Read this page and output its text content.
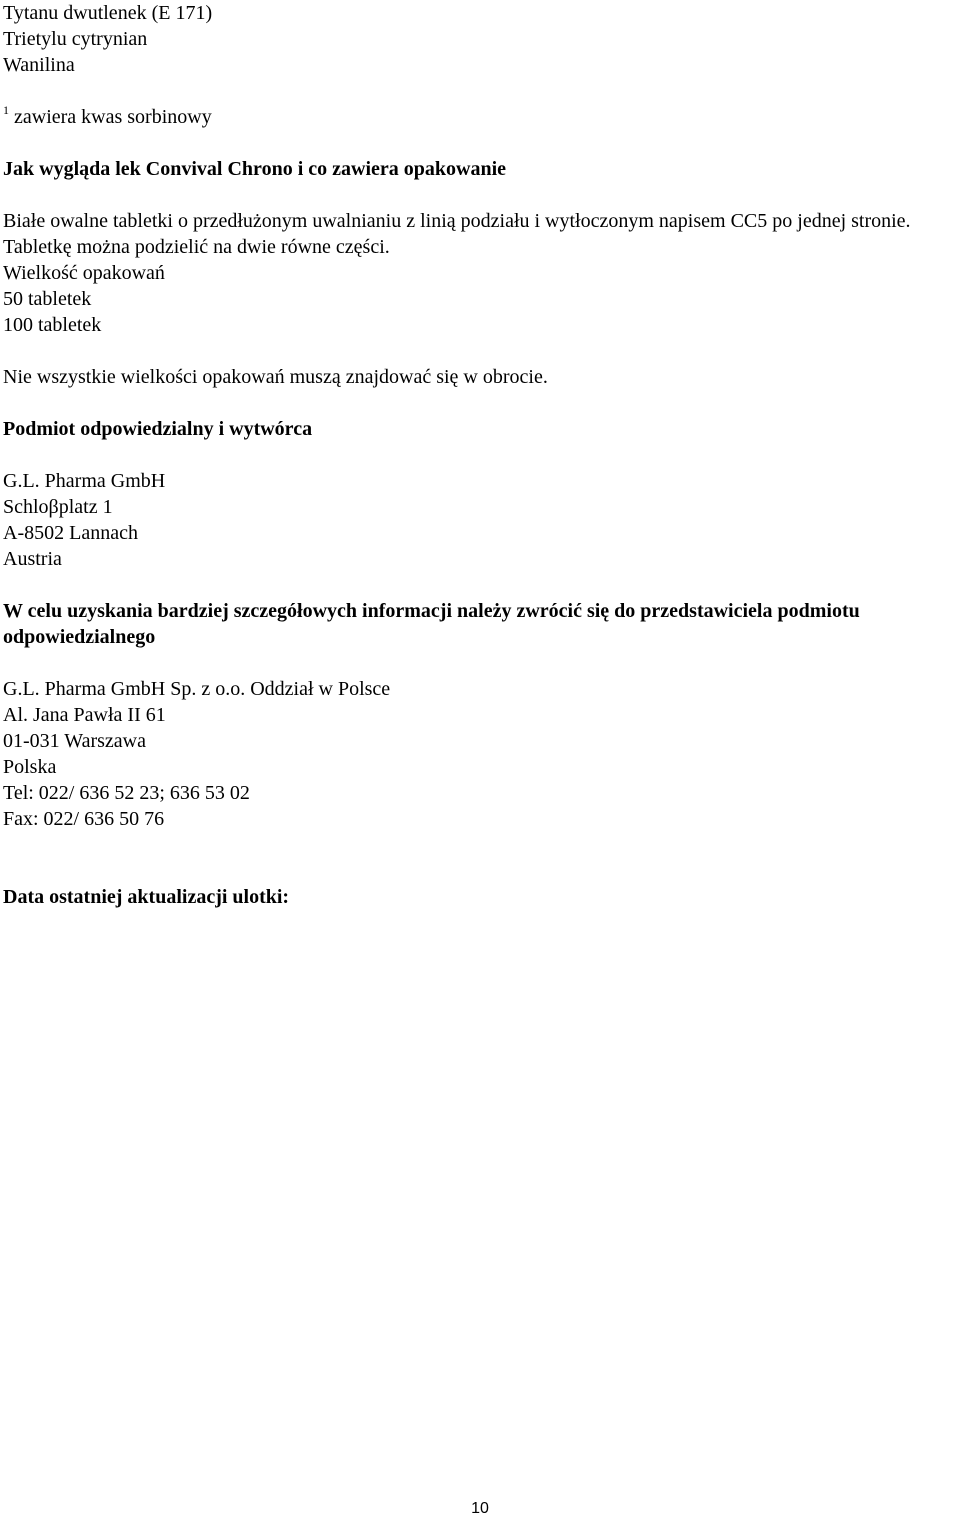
Tytanu dwutlenek (E 171)
Trietylu cytrynian
Wanilina
$^1$ zawiera kwas sorbinowy
Jak wygląda lek Convival Chrono i co zawiera opakowanie
Białe owalne tabletki o przedłużonym uwalnianiu z linią podziału i wytłoczonym napisem CC5 po jednej stronie.
Tabletkę można podzielić na dwie równe części.
Wielkość opakowań
50 tabletek
100 tabletek
Nie wszystkie wielkości opakowań muszą znajdować się w obrocie.
Podmiot odpowiedzialny i wytwórca
G.L. Pharma GmbH
Schloβplatz 1
A-8502 Lannach
Austria
W celu uzyskania bardziej szczegółowych informacji należy zwrócić się do przedstawiciela podmiotu odpowiedzialnego
G.L. Pharma GmbH Sp. z o.o. Oddział w Polsce
Al. Jana Pawła II 61
01-031 Warszawa
Polska
Tel: 022/ 636 52 23; 636 53 02
Fax: 022/ 636 50 76
Data ostatniej aktualizacji ulotki:
10
